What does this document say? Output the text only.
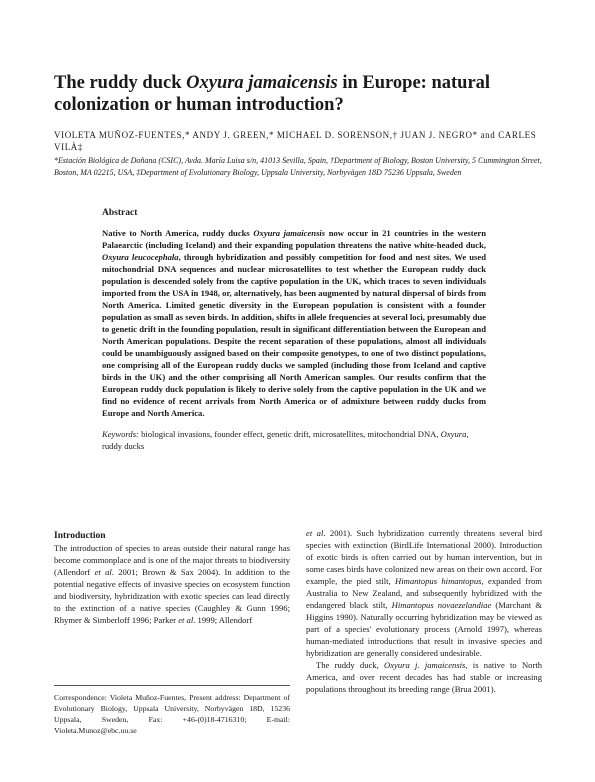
The ruddy duck Oxyura jamaicensis in Europe: natural colonization or human introduction?

VIOLETA MUÑOZ-FUENTES,* ANDY J. GREEN,* MICHAEL D. SORENSON,† JUAN J. NEGRO* and CARLES VILÀ‡

*Estación Biológica de Doñana (CSIC), Avda. María Luisa s/n, 41013 Sevilla, Spain, †Department of Biology, Boston University, 5 Cummington Street, Boston, MA 02215, USA, ‡Department of Evolutionary Biology, Uppsala University, Norbyvägen 18D 75236 Uppsala, Sweden

Abstract

Native to North America, ruddy ducks Oxyura jamaicensis now occur in 21 countries in the western Palaearctic (including Iceland) and their expanding population threatens the native white-headed duck, Oxyura leucocephala, through hybridization and possibly competition for food and nest sites. We used mitochondrial DNA sequences and nuclear microsatellites to test whether the European ruddy duck population is descended solely from the captive population in the UK, which traces to seven individuals imported from the USA in 1948, or, alternatively, has been augmented by natural dispersal of birds from North America. Limited genetic diversity in the European population is consistent with a founder population as small as seven birds. In addition, shifts in allele frequencies at several loci, presumably due to genetic drift in the founding population, result in significant differentiation between the European and North American populations. Despite the recent separation of these populations, almost all individuals could be unambiguously assigned based on their composite genotypes, to one of two distinct populations, one comprising all of the European ruddy ducks we sampled (including those from Iceland and captive birds in the UK) and the other comprising all North American samples. Our results confirm that the European ruddy duck population is likely to derive solely from the captive population in the UK and we find no evidence of recent arrivals from North America or of admixture between ruddy ducks from Europe and North America.

Keywords: biological invasions, founder effect, genetic drift, microsatellites, mitochondrial DNA, Oxyura, ruddy ducks

Introduction

The introduction of species to areas outside their natural range has become commonplace and is one of the major threats to biodiversity (Allendorf et al. 2001; Brown & Sax 2004). In addition to the potential negative effects of invasive species on ecosystem function and biodiversity, hybridization with exotic species can lead directly to the extinction of a native species (Caughley & Gunn 1996; Rhymer & Simberloff 1996; Parker et al. 1999; Allendorf

Correspondence: Violeta Muñoz-Fuentes, Present address: Department of Evolutionary Biology, Uppsala University, Norbyvägen 18D, 15236 Uppsala, Sweden, Fax: +46-(0)18-4716310; E-mail: Violeta.Munoz@ebc.uu.se

et al. 2001). Such hybridization currently threatens several bird species with extinction (BirdLife International 2000). Introduction of exotic birds is often carried out by human intervention, but in some cases birds have colonized new areas on their own accord. For example, the pied stilt, Himantopus himantopus, expanded from Australia to New Zealand, and subsequently hybridized with the endangered black stilt, Himantopus novaezelandiae (Marchant & Higgins 1990). Naturally occurring hybridization may be viewed as part of a species' evolutionary process (Arnold 1997), whereas human-mediated introductions that result in invasive species and hybridization are generally considered undesirable.

The ruddy duck, Oxyura j. jamaicensis, is native to North America, and over recent decades has had stable or increasing populations throughout its breeding range (Brua 2001).
